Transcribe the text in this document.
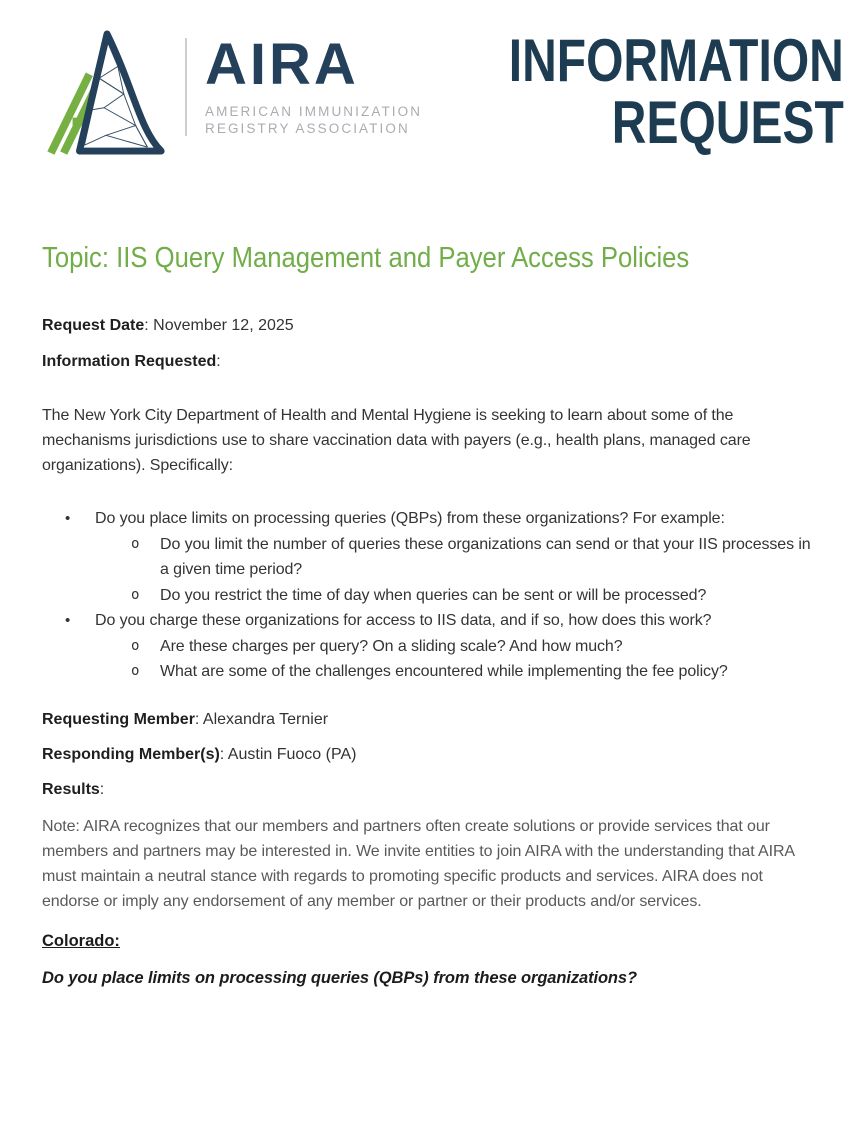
AIRA
AMERICAN IMMUNIZATION
REGISTRY ASSOCIATION
INFORMATION
REQUEST
Topic: IIS Query Management and Payer Access Policies

Request Date: November 12, 2025

Information Requested:

The New York City Department of Health and Mental Hygiene is seeking to learn about some of the mechanisms jurisdictions use to share vaccination data with payers (e.g., health plans, managed care organizations). Specifically:

•	Do you place limits on processing queries (QBPs) from these organizations? For example:
o	Do you limit the number of queries these organizations can send or that your IIS processes in a given time period?
o	Do you restrict the time of day when queries can be sent or will be processed?
•	Do you charge these organizations for access to IIS data, and if so, how does this work?
o	Are these charges per query? On a sliding scale? And how much?
o	What are some of the challenges encountered while implementing the fee policy?

Requesting Member: Alexandra Ternier

Responding Member(s): Austin Fuoco (PA)

Results:

Note: AIRA recognizes that our members and partners often create solutions or provide services that our members and partners may be interested in. We invite entities to join AIRA with the understanding that AIRA must maintain a neutral stance with regards to promoting specific products and services. AIRA does not endorse or imply any endorsement of any member or partner or their products and/or services.

Colorado:

Do you place limits on processing queries (QBPs) from these organizations?
